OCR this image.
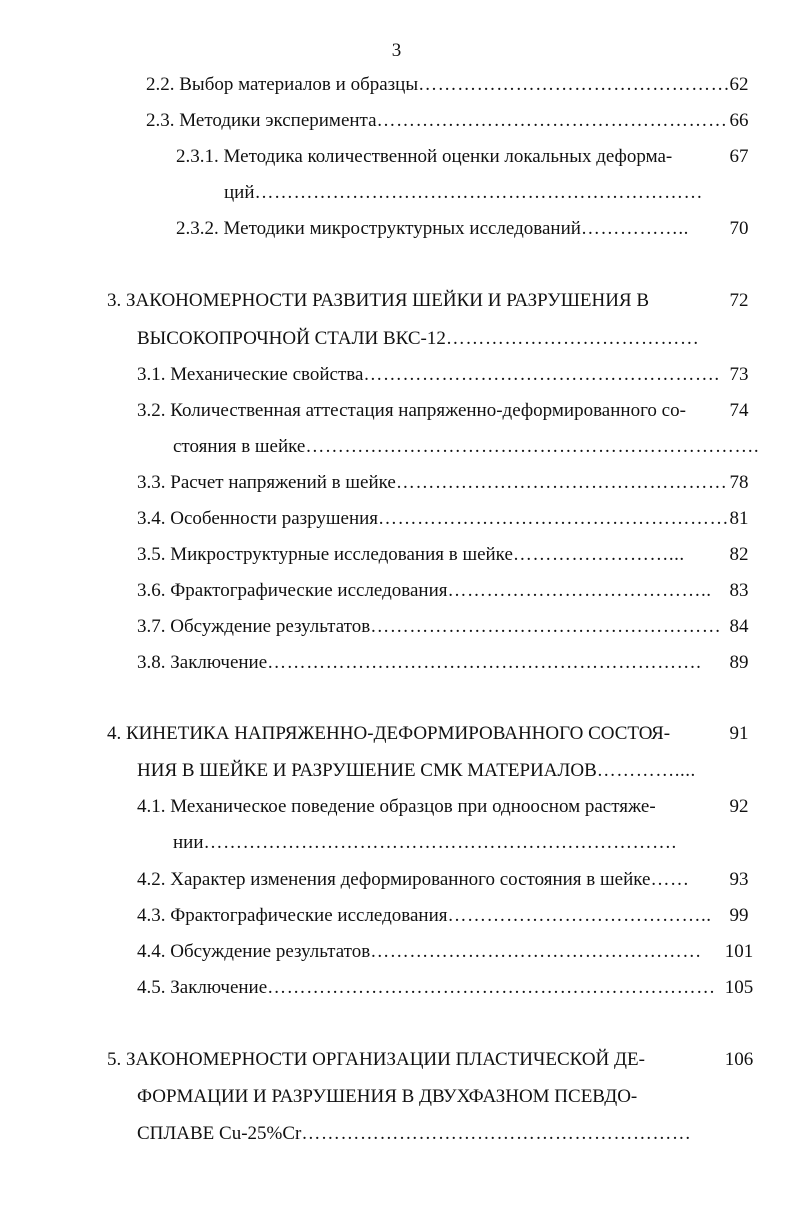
3
2.2. Выбор материалов и образцы………………………………………… 62
2.3. Методики эксперимента……………………………………………… 66
2.3.1. Методика количественной оценки локальных деформа-	67
ций……………………………………………………………
2.3.2. Методики микроструктурных исследований……………..	70
3. ЗАКОНОМЕРНОСТИ РАЗВИТИЯ ШЕЙКИ И РАЗРУШЕНИЯ В	72
ВЫСОКОПРОЧНОЙ СТАЛИ ВКС-12…………………………………
3.1. Механические свойства………………………………………………. 73
3.2. Количественная аттестация напряженно-деформированного со-	74
стояния в шейке…………………………………………………………….
3.3. Расчет напряжений в шейке…………………………………………… 78
3.4. Особенности разрушения……………………………………………… 81
3.5. Микроструктурные исследования в шейке……………………...	82
3.6. Фрактографические исследования………………………………….. 83
3.7. Обсуждение результатов……………………………………………… 84
3.8. Заключение………………………………………………………….	89
4. КИНЕТИКА НАПРЯЖЕННО-ДЕФОРМИРОВАННОГО СОСТОЯ-	91
НИЯ В ШЕЙКЕ И РАЗРУШЕНИЕ СМК МАТЕРИАЛОВ…………....
4.1. Механическое поведение образцов при одноосном растяже-	92
нии……………………………………………………………….
4.2. Характер изменения деформированного состояния в шейке……	93
4.3. Фрактографические исследования………………………………….. 99
4.4. Обсуждение результатов……………………………………………	101
4.5. Заключение…………………………………………………………… 105
5. ЗАКОНОМЕРНОСТИ ОРГАНИЗАЦИИ ПЛАСТИЧЕСКОЙ ДЕ-	106
ФОРМАЦИИ И РАЗРУШЕНИЯ В ДВУХФАЗНОМ ПСЕВДО-
СПЛАВЕ Cu-25%Cr……………………………………………………
